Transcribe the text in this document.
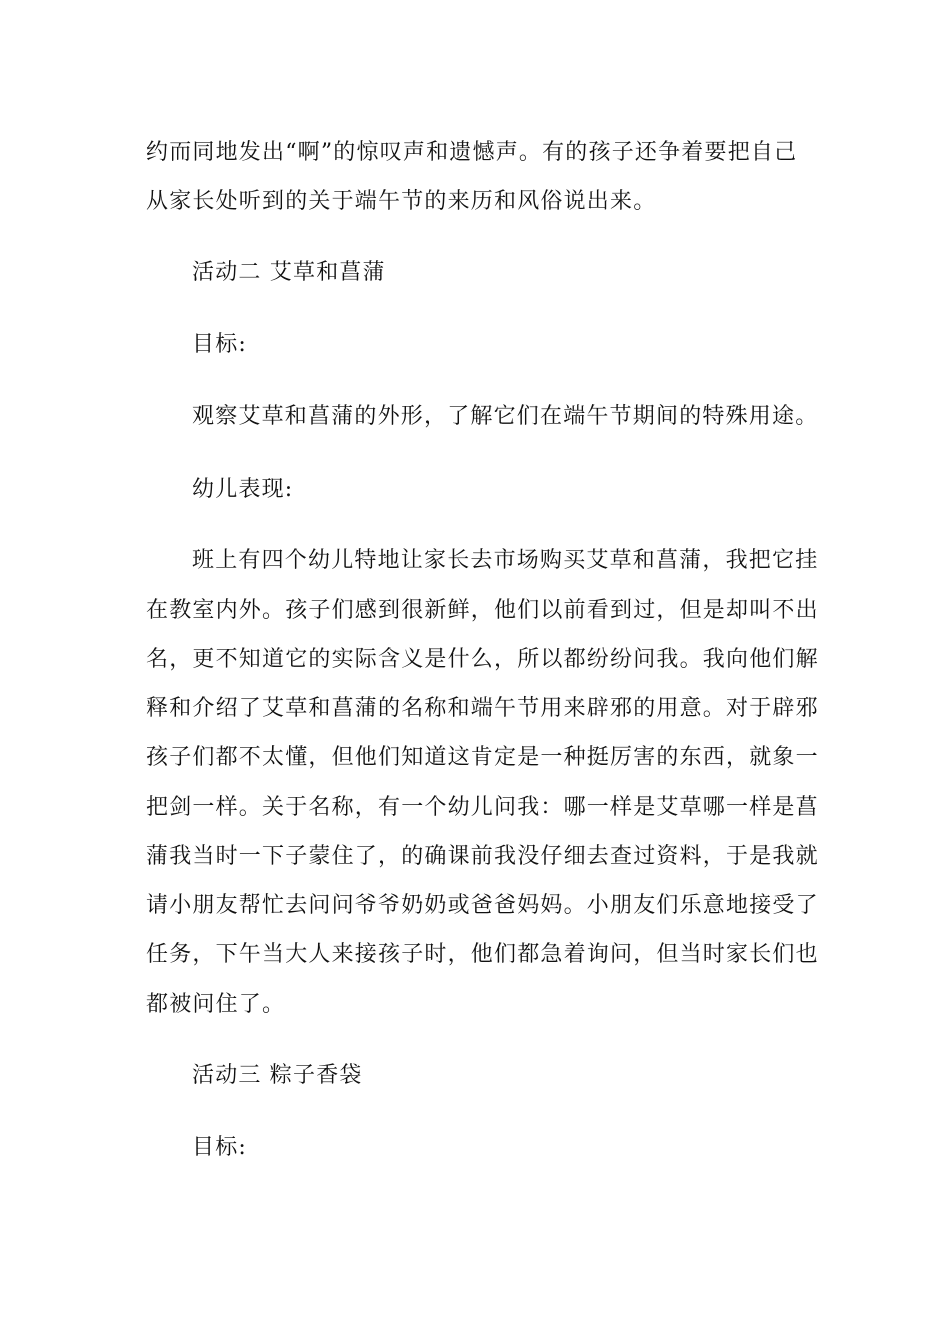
约而同地发出“啊”的惊叹声和遗憾声。有的孩子还争着要把自己
从家长处听到的关于端午节的来历和风俗说出来。
活动二 艾草和菖蒲
目标:
观察艾草和菖蒲的外形，了解它们在端午节期间的特殊用途。
幼儿表现:
班上有四个幼儿特地让家长去市场购买艾草和菖蒲，我把它挂
在教室内外。孩子们感到很新鲜，他们以前看到过，但是却叫不出
名，更不知道它的实际含义是什么，所以都纷纷问我。我向他们解
释和介绍了艾草和菖蒲的名称和端午节用来辟邪的用意。对于辟邪
孩子们都不太懂，但他们知道这肯定是一种挺厉害的东西，就象一
把剑一样。关于名称，有一个幼儿问我：哪一样是艾草哪一样是菖
蒲我当时一下子蒙住了，的确课前我没仔细去查过资料，于是我就
请小朋友帮忙去问问爷爷奶奶或爸爸妈妈。小朋友们乐意地接受了
任务，下午当大人来接孩子时，他们都急着询问，但当时家长们也
都被问住了。
活动三 粽子香袋
目标:
